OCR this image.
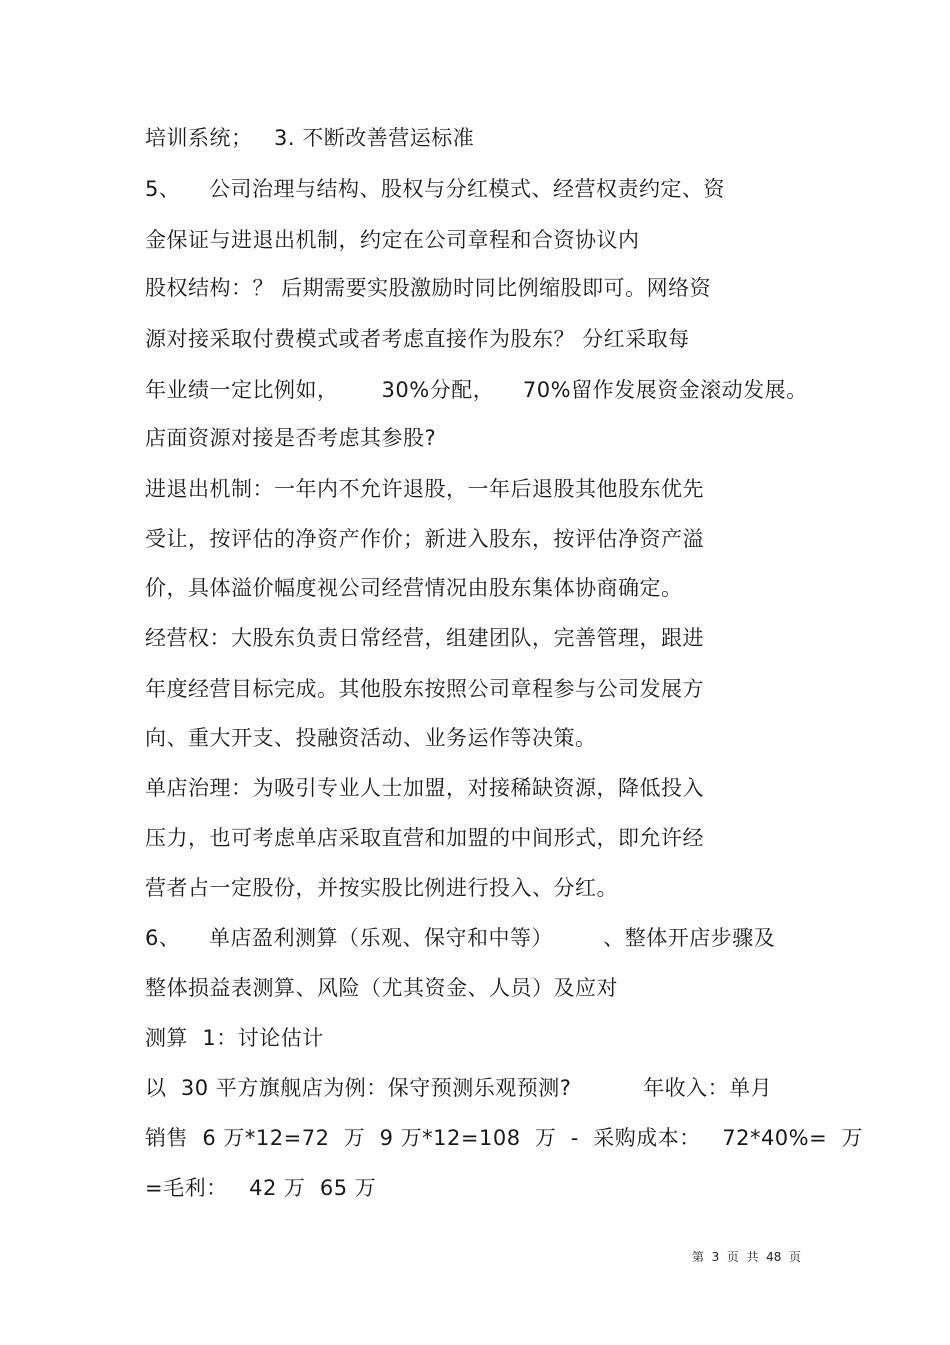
培训系统；   3. 不断改善营运标准
5、    公司治理与结构、股权与分红模式、经营权责约定、资
金保证与进退出机制，约定在公司章程和合资协议内
股权结构：？ 后期需要实股激励时同比例缩股即可。网络资
源对接采取付费模式或者考虑直接作为股东？ 分红采取每
年业绩一定比例如，      30%分配，    70%留作发展资金滚动发展。
店面资源对接是否考虑其参股?
进退出机制：一年内不允许退股，一年后退股其他股东优先
受让，按评估的净资产作价；新进入股东，按评估净资产溢
价，具体溢价幅度视公司经营情况由股东集体协商确定。
经营权：大股东负责日常经营，组建团队，完善管理，跟进
年度经营目标完成。其他股东按照公司章程参与公司发展方
向、重大开支、投融资活动、业务运作等决策。
单店治理：为吸引专业人士加盟，对接稀缺资源，降低投入
压力，也可考虑单店采取直营和加盟的中间形式，即允许经
营者占一定股份，并按实股比例进行投入、分红。
6、    单店盈利测算（乐观、保守和中等）       、整体开店步骤及
整体损益表测算、风险（尤其资金、人员）及应对
测算  1：讨论估计
以  30 平方旗舰店为例：保守预测乐观预测?          年收入：单月
销售  6 万*12=72  万  9 万*12=108  万  -  采购成本：   72*40%=  万
=毛利：   42 万  65 万
第  3  页  共  48  页
